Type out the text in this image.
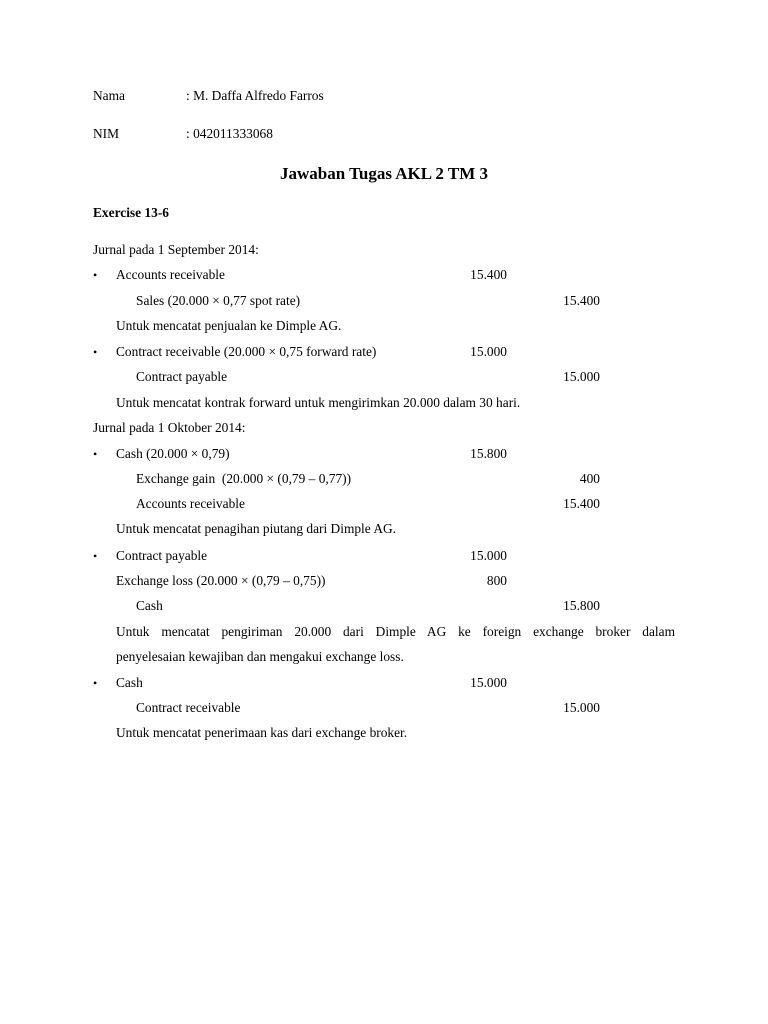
Nama	: M. Daffa Alfredo Farros
NIM	: 042011333068
Jawaban Tugas AKL 2 TM 3
Exercise 13-6
Jurnal pada 1 September 2014:
• Accounts receivable	15.400
Sales (20.000 × 0,77 spot rate)	15.400
Untuk mencatat penjualan ke Dimple AG.
• Contract receivable (20.000 × 0,75 forward rate)	15.000
Contract payable	15.000
Untuk mencatat kontrak forward untuk mengirimkan 20.000 dalam 30 hari.
Jurnal pada 1 Oktober 2014:
• Cash (20.000 × 0,79)	15.800
Exchange gain  (20.000 × (0,79 – 0,77))	400
Accounts receivable	15.400
Untuk mencatat penagihan piutang dari Dimple AG.
• Contract payable	15.000
Exchange loss (20.000 × (0,79 – 0,75))	800
Cash	15.800
Untuk mencatat pengiriman 20.000 dari Dimple AG ke foreign exchange broker dalam
penyelesaian kewajiban dan mengakui exchange loss.
• Cash	15.000
Contract receivable	15.000
Untuk mencatat penerimaan kas dari exchange broker.
